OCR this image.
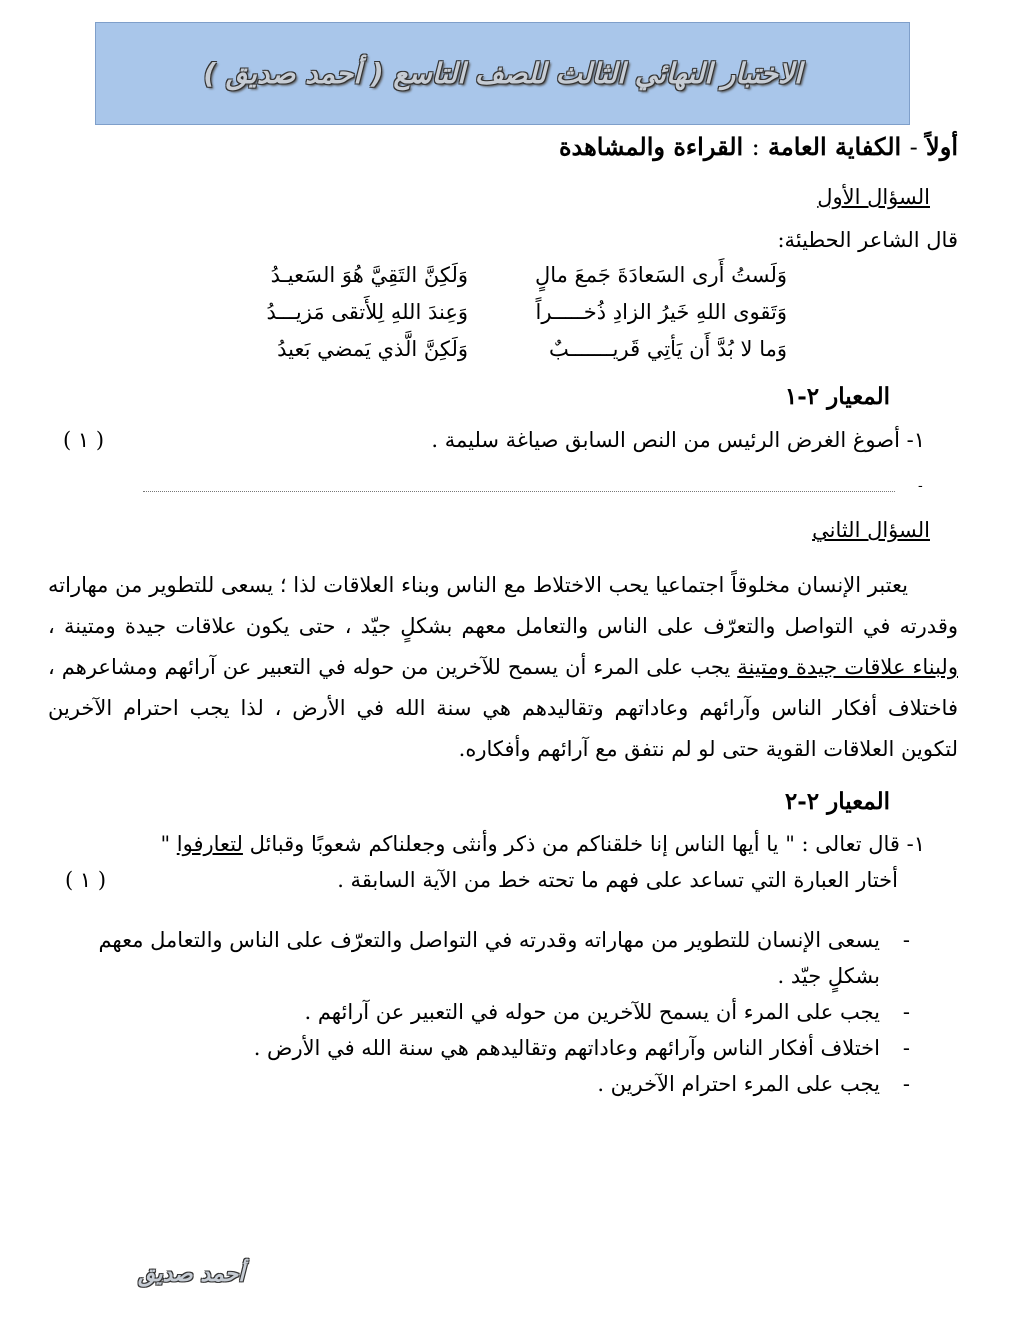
الاختبار النهائي الثالث للصف التاسع ( أحمد صديق )
أولاً - الكفاية العامة : القراءة والمشاهدة
السؤال الأول
قال الشاعر الحطيئة:
وَلَستُ أَرى السَعادَةَ جَمعَ مالٍ
وَلَكِنَّ التَقِيَّ هُوَ السَعيـدُ
وَتَقوى اللهِ خَيرُ الزادِ ذُخـــــراً
وَعِندَ اللهِ لِلأَتقى مَزيـــدُ
وَما لا بُدَّ أَن يَأتِي قَريـــــــبٌ
وَلَكِنَّ الَّذي يَمضي بَعيدُ
المعيار ٢-١
١- أصوغ الغرض الرئيس من النص السابق صياغة سليمة .
( ١ )
-
السؤال الثاني
يعتبر الإنسان مخلوقاً اجتماعيا يحب الاختلاط مع الناس وبناء العلاقات لذا ؛ يسعى للتطوير من مهاراته وقدرته في التواصل والتعرّف على الناس والتعامل معهم بشكلٍ جيّد ، حتى يكون علاقات جيدة ومتينة ، ولبناء علاقات جيدة ومتينة يجب على المرء أن يسمح للآخرين من حوله في التعبير عن آرائهم ومشاعرهم ، فاختلاف أفكار الناس وآرائهم وعاداتهم وتقاليدهم هي سنة الله في الأرض ، لذا يجب احترام الآخرين لتكوين العلاقات القوية حتى لو لم نتفق مع آرائهم وأفكاره.
المعيار ٢-٢
١- قال تعالى : " يا أيها الناس إنا خلقناكم من ذكر وأنثى وجعلناكم شعوبًا وقبائل لتعارفوا "
أختار العبارة التي تساعد على فهم ما تحته خط من الآية السابقة .
( ١ )
- يسعى الإنسان للتطوير من مهاراته وقدرته في التواصل والتعرّف على الناس والتعامل معهم بشكلٍ جيّد .
- يجب على المرء أن يسمح للآخرين من حوله في التعبير عن آرائهم .
- اختلاف أفكار الناس وآرائهم وعاداتهم وتقاليدهم هي سنة الله في الأرض .
- يجب على المرء احترام الآخرين .
أحمد صديق
